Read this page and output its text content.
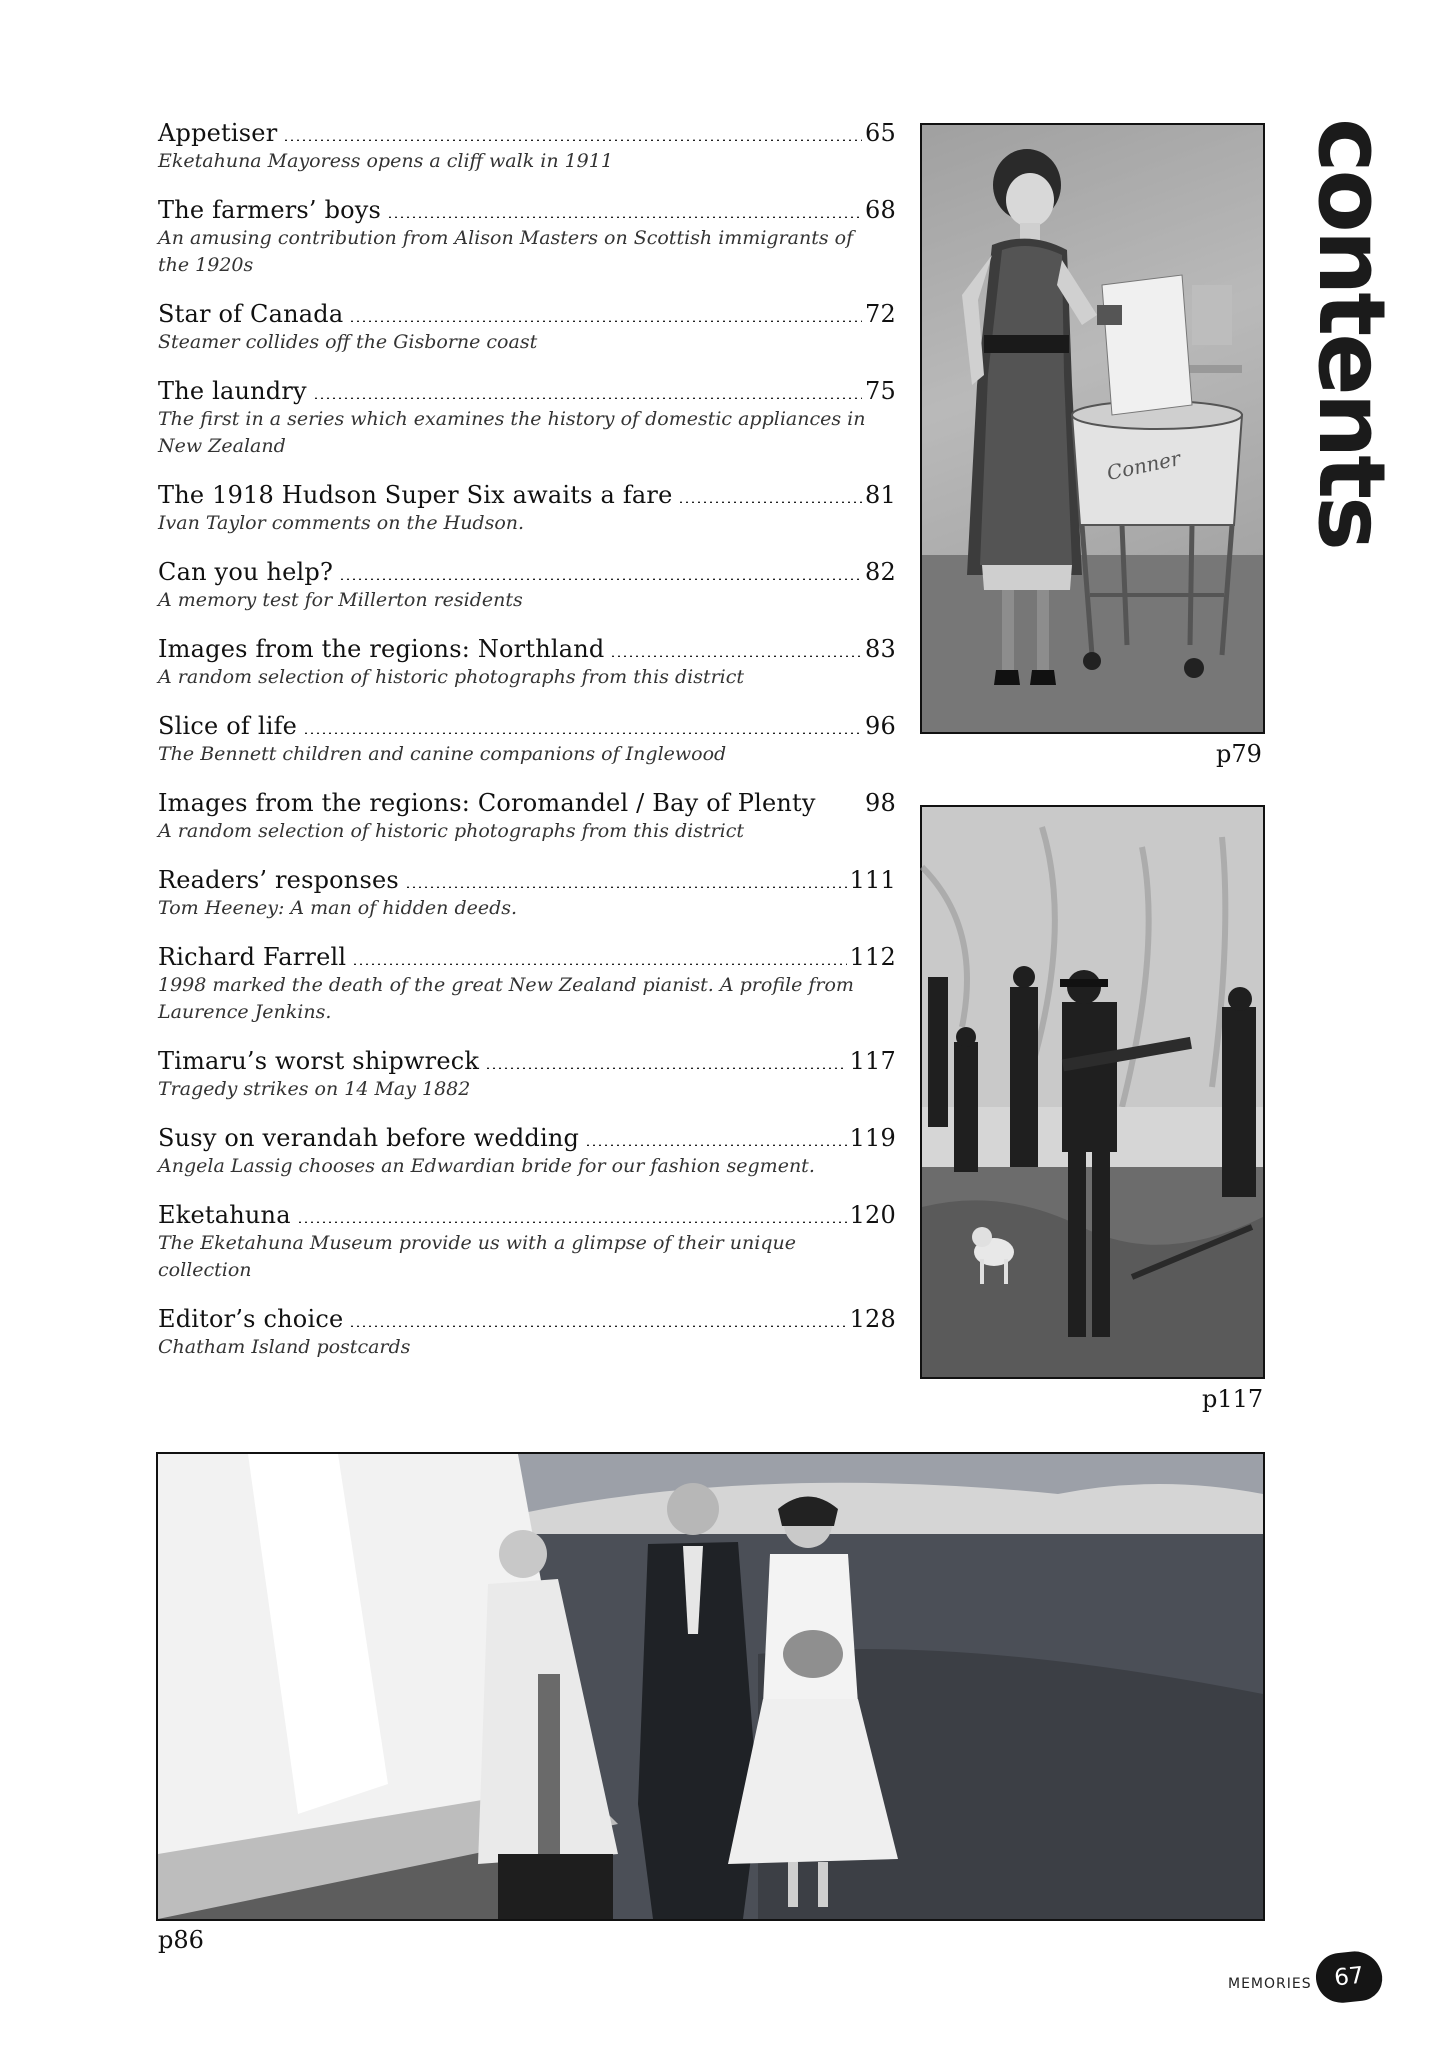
Appetiser	65
Eketahuna Mayoress opens a cliff walk in 1911
The farmers’ boys	68
An amusing contribution from Alison Masters on Scottish immigrants of the 1920s
Star of Canada	72
Steamer collides off the Gisborne coast
The laundry	75
The first in a series which examines the history of domestic appliances in New Zealand
The 1918 Hudson Super Six awaits a fare	81
Ivan Taylor comments on the Hudson.
Can you help?	82
A memory test for Millerton residents
Images from the regions: Northland	83
A random selection of historic photographs from this district
Slice of life	96
The Bennett children and canine companions of Inglewood
Images from the regions: Coromandel / Bay of Plenty 98
A random selection of historic photographs from this district
Readers’ responses	111
Tom Heeney: A man of hidden deeds.
Richard Farrell	112
1998 marked the death of the great New Zealand pianist. A profile from Laurence Jenkins.
Timaru’s worst shipwreck	117
Tragedy strikes on 14 May 1882
Susy on verandah before wedding	119
Angela Lassig chooses an Edwardian bride for our fashion segment.
Eketahuna	120
The Eketahuna Museum provide us with a glimpse of their unique collection
Editor’s choice	128
Chatham Island postcards
Conner
p79
p117
p86
contents
MEMORIES 67
